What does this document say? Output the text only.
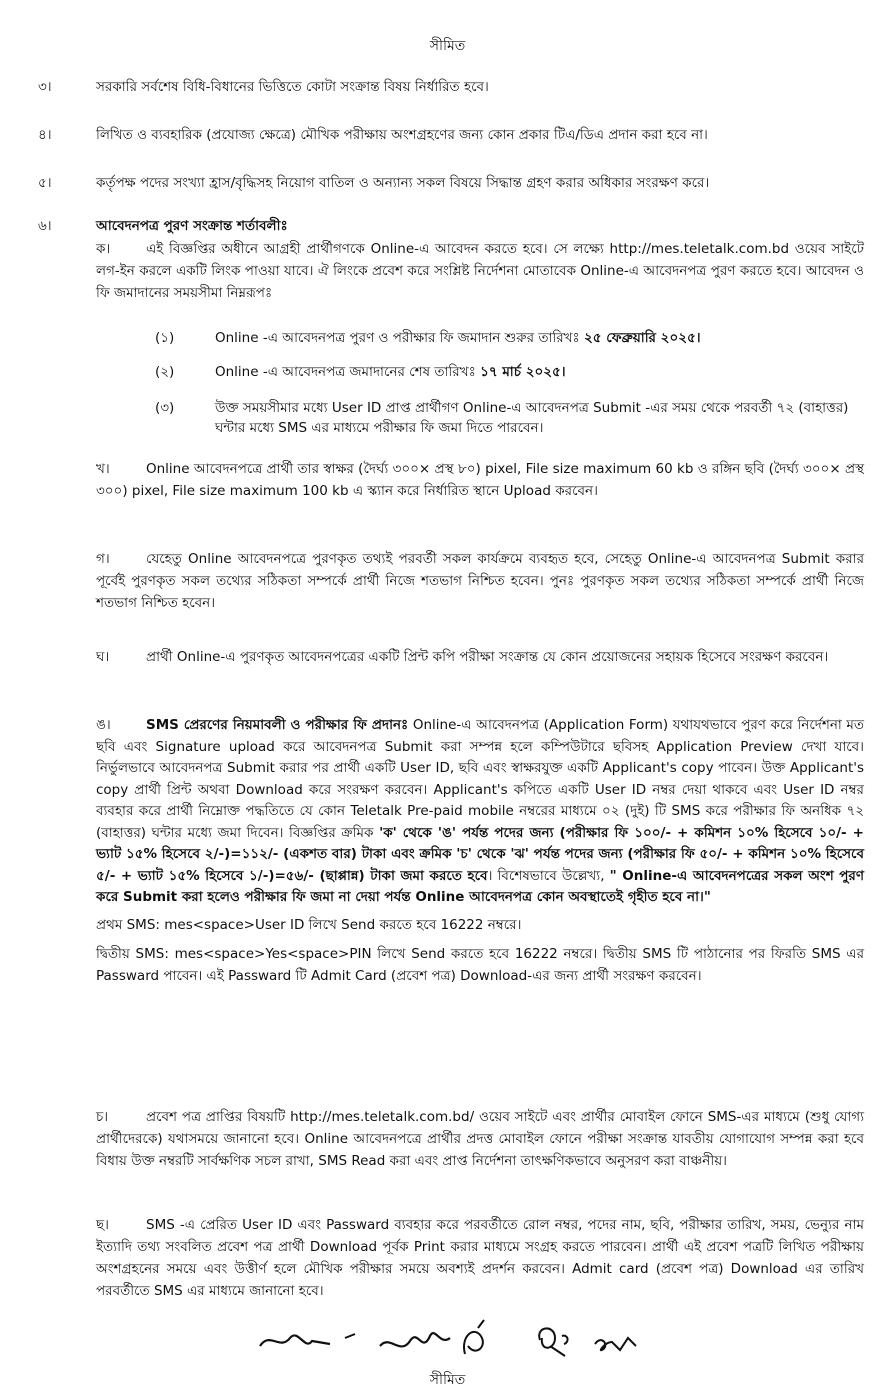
সীমিত
৩।	সরকারি সর্বশেষ বিধি-বিধানের ভিত্তিতে কোটা সংক্রান্ত বিষয় নির্ধারিত হবে।
৪।	লিখিত ও ব্যবহারিক (প্রযোজ্য ক্ষেত্রে) মৌখিক পরীক্ষায় অংশগ্রহণের জন্য কোন প্রকার টিএ/ডিএ প্রদান করা হবে না।
৫।	কর্তৃপক্ষ পদের সংখ্যা হ্রাস/বৃদ্ধিসহ নিয়োগ বাতিল ও অন্যান্য সকল বিষয়ে সিদ্ধান্ত গ্রহণ করার অধিকার সংরক্ষণ করে।
৬।	আবেদনপত্র পুরণ সংক্রান্ত শর্তাবলীঃ
ক।	এই বিজ্ঞপ্তির অধীনে আগ্রহী প্রার্থীগণকে Online-এ আবেদন করতে হবে। সে লক্ষ্যে http://mes.teletalk.com.bd ওয়েব সাইটে লগ-ইন করলে একটি লিংক পাওয়া যাবে। ঐ লিংকে প্রবেশ করে সংশ্লিষ্ট নির্দেশনা মোতাবেক Online-এ আবেদনপত্র পুরণ করতে হবে। আবেদন ও ফি জমাদানের সময়সীমা নিম্নরূপঃ
(১)	Online -এ আবেদনপত্র পুরণ ও পরীক্ষার ফি জমাদান শুরুর তারিখঃ ২৫ ফেব্রুয়ারি ২০২৫।
(২)	Online -এ আবেদনপত্র জমাদানের শেষ তারিখঃ ১৭ মার্চ ২০২৫।
(৩)	উক্ত সময়সীমার মধ্যে User ID প্রাপ্ত প্রার্থীগণ Online-এ আবেদনপত্র Submit -এর সময় থেকে পরবর্তী ৭২ (বাহাত্তর) ঘন্টার মধ্যে SMS এর মাধ্যমে পরীক্ষার ফি জমা দিতে পারবেন।
খ।	Online আবেদনপত্রে প্রার্থী তার স্বাক্ষর (দৈর্ঘ্য ৩০০× প্রস্থ ৮০) pixel, File size maximum 60 kb ও রঙ্গিন ছবি (দৈর্ঘ্য ৩০০× প্রস্থ ৩০০) pixel, File size maximum 100 kb এ স্ক্যান করে নির্ধারিত স্থানে Upload করবেন।
গ।	যেহেতু Online আবেদনপত্রে পুরণকৃত তথ্যই পরবর্তী সকল কার্যক্রমে ব্যবহৃত হবে, সেহেতু Online-এ আবেদনপত্র Submit করার পূর্বেই পুরণকৃত সকল তথ্যের সঠিকতা সম্পর্কে প্রার্থী নিজে শতভাগ নিশ্চিত হবেন। পুনঃ পুরণকৃত সকল তথ্যের সঠিকতা সম্পর্কে প্রার্থী নিজে শতভাগ নিশ্চিত হবেন।
ঘ।	প্রার্থী Online-এ পুরণকৃত আবেদনপত্রের একটি প্রিন্ট কপি পরীক্ষা সংক্রান্ত যে কোন প্রয়োজনের সহায়ক হিসেবে সংরক্ষণ করবেন।
ঙ।	SMS প্রেরণের নিয়মাবলী ও পরীক্ষার ফি প্রদানঃ Online-এ আবেদনপত্র (Application Form) যথাযথভাবে পুরণ করে নির্দেশনা মত ছবি এবং Signature upload করে আবেদনপত্র Submit করা সম্পন্ন হলে কম্পিউটারে ছবিসহ Application Preview দেখা যাবে। নির্ভুলভাবে আবেদনপত্র Submit করার পর প্রার্থী একটি User ID, ছবি এবং স্বাক্ষরযুক্ত একটি Applicant's copy পাবেন। উক্ত Applicant's copy প্রার্থী প্রিন্ট অথবা Download করে সংরক্ষণ করবেন। Applicant's কপিতে একটি User ID নম্বর দেয়া থাকবে এবং User ID নম্বর ব্যবহার করে প্রার্থী নিম্নোক্ত পদ্ধতিতে যে কোন Teletalk Pre-paid mobile নম্বরের মাধ্যমে ০২ (দুই) টি SMS করে পরীক্ষার ফি অনধিক ৭২ (বাহাত্তর) ঘন্টার মধ্যে জমা দিবেন। বিজ্ঞপ্তির ক্রমিক 'ক' থেকে 'ঙ' পর্যন্ত পদের জন্য (পরীক্ষার ফি ১০০/- + কমিশন ১০% হিসেবে ১০/- + ভ্যাট ১৫% হিসেবে ২/-)=১১২/- (একশত বার) টাকা এবং ক্রমিক 'চ' থেকে 'ঝ' পর্যন্ত পদের জন্য (পরীক্ষার ফি ৫০/- + কমিশন ১০% হিসেবে ৫/- + ভ্যাট ১৫% হিসেবে ১/-)=৫৬/- (ছাপ্পান্ন) টাকা জমা করতে হবে। বিশেষভাবে উল্লেখ্য, " Online-এ আবেদনপত্রের সকল অংশ পুরণ করে Submit করা হলেও পরীক্ষার ফি জমা না দেয়া পর্যন্ত Online আবেদনপত্র কোন অবস্থাতেই গৃহীত হবে না।"
প্রথম SMS: mes<space>User ID লিখে Send করতে হবে 16222 নম্বরে।
দ্বিতীয় SMS: mes<space>Yes<space>PIN লিখে Send করতে হবে 16222 নম্বরে। দ্বিতীয় SMS টি পাঠানোর পর ফিরতি SMS এর Passward পাবেন। এই Passward টি Admit Card (প্রবেশ পত্র) Download-এর জন্য প্রার্থী সংরক্ষণ করবেন।
চ।	প্রবেশ পত্র প্রাপ্তির বিষয়টি http://mes.teletalk.com.bd/ ওয়েব সাইটে এবং প্রার্থীর মোবাইল ফোনে SMS-এর মাধ্যমে (শুধু যোগ্য প্রার্থীদেরকে) যথাসময়ে জানানো হবে। Online আবেদনপত্রে প্রার্থীর প্রদত্ত মোবাইল ফোনে পরীক্ষা সংক্রান্ত যাবতীয় যোগাযোগ সম্পন্ন করা হবে বিধায় উক্ত নম্বরটি সার্বক্ষণিক সচল রাখা, SMS Read করা এবং প্রাপ্ত নির্দেশনা তাৎক্ষণিকভাবে অনুসরণ করা বাঞ্চনীয়।
ছ।	SMS -এ প্রেরিত User ID এবং Passward ব্যবহার করে পরবর্তীতে রোল নম্বর, পদের নাম, ছবি, পরীক্ষার তারিখ, সময়, ভেন্যুর নাম ইত্যাদি তথ্য সংবলিত প্রবেশ পত্র প্রার্থী Download পূর্বক Print করার মাধ্যমে সংগ্রহ করতে পারবেন। প্রার্থী এই প্রবেশ পত্রটি লিখিত পরীক্ষায় অংশগ্রহনের সময়ে এবং উত্তীর্ণ হলে মৌখিক পরীক্ষার সময়ে অবশ্যই প্রদর্শন করবেন। Admit card (প্রবেশ পত্র) Download এর তারিখ পরবর্তীতে SMS এর মাধ্যমে জানানো হবে।
সীমিত
